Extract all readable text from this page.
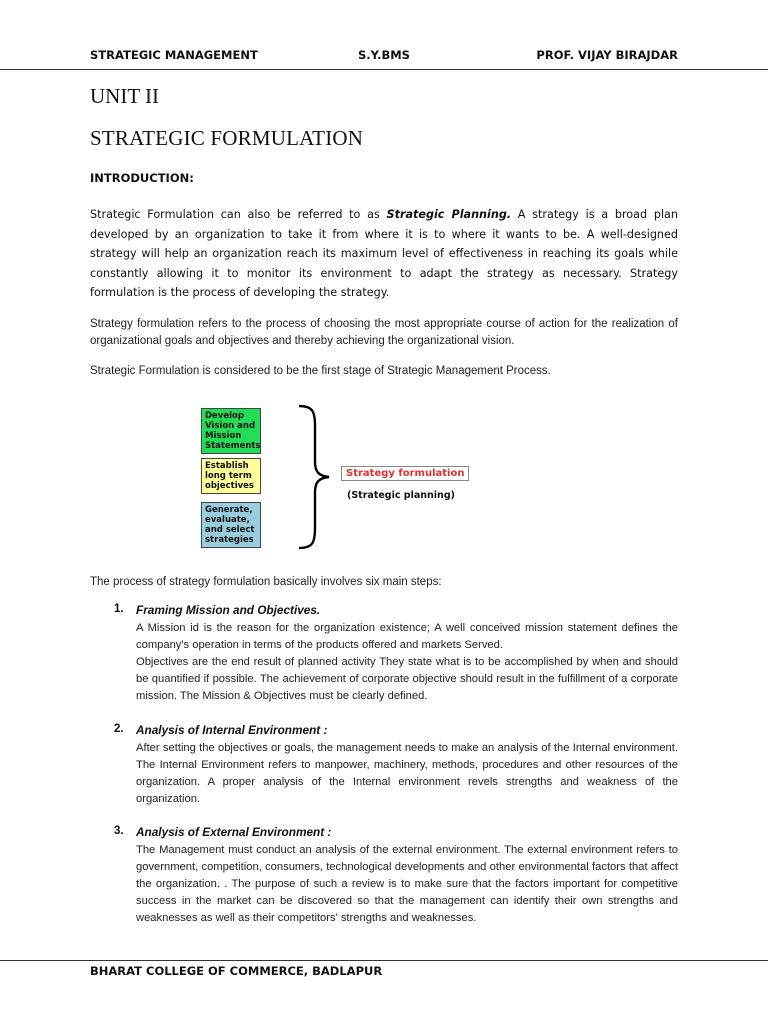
STRATEGIC MANAGEMENT	S.Y.BMS	PROF. VIJAY BIRAJDAR
UNIT II
STRATEGIC FORMULATION
INTRODUCTION:
Strategic Formulation can also be referred to as Strategic Planning. A strategy is a broad plan developed by an organization to take it from where it is to where it wants to be. A well-designed strategy will help an organization reach its maximum level of effectiveness in reaching its goals while constantly allowing it to monitor its environment to adapt the strategy as necessary. Strategy formulation is the process of developing the strategy.
Strategy formulation refers to the process of choosing the most appropriate course of action for the realization of organizational goals and objectives and thereby achieving the organizational vision.
Strategic Formulation is considered to be the first stage of Strategic Management Process.
Develop Vision and Mission Statements
Establish long term objectives
Generate, evaluate, and select strategies
Strategy formulation
(Strategic planning)
The process of strategy formulation basically involves six main steps:
1. Framing Mission and Objectives.

A Mission id is the reason for the organization existence; A well conceived mission statement defines the company's operation in terms of the products offered and markets Served.

Objectives are the end result of planned activity They state what is to be accomplished by when and should be quantified if possible. The achievement of corporate objective should result in the fulfillment of a corporate mission. The Mission & Objectives must be clearly defined.

2. Analysis of Internal Environment :

After setting the objectives or goals, the management needs to make an analysis of the Internal environment. The Internal Environment refers to manpower, machinery, methods, procedures and other resources of the organization. A proper analysis of the Internal environment revels strengths and weakness of the organization.

3. Analysis of External Environment :

The Management must conduct an analysis of the external environment. The external environment refers to government, competition, consumers, technological developments and other environmental factors that affect the organization. . The purpose of such a review is to make sure that the factors important for competitive success in the market can be discovered so that the management can identify their own strengths and weaknesses as well as their competitors' strengths and weaknesses.

BHARAT COLLEGE OF COMMERCE, BADLAPUR
